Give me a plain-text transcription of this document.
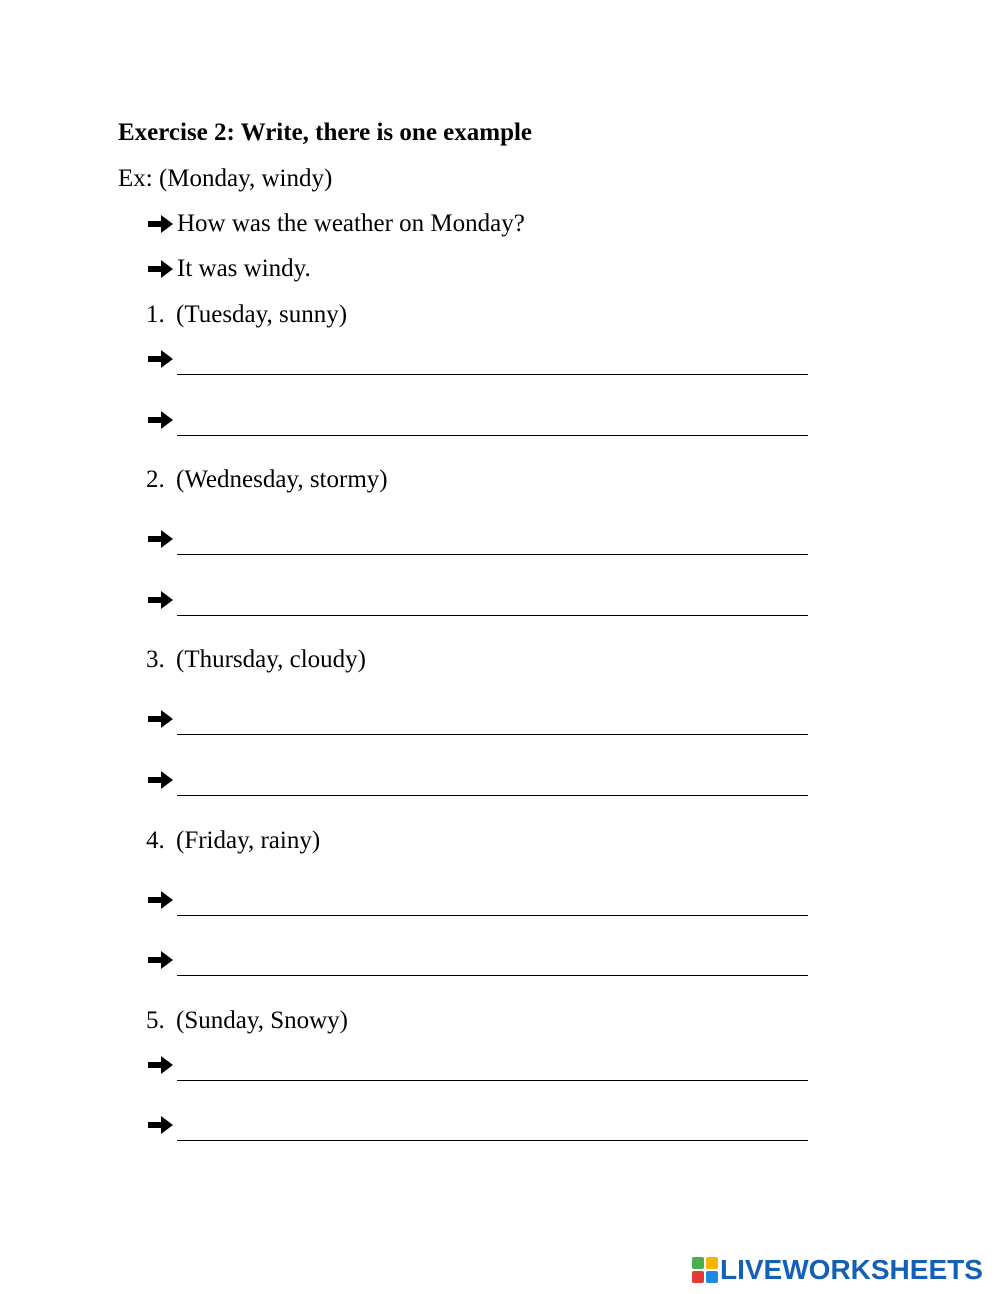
Exercise 2: Write, there is one example
Ex: (Monday, windy)
How was the weather on Monday?
It was windy.
1. (Tuesday, sunny)
2. (Wednesday, stormy)
3. (Thursday, cloudy)
4. (Friday, rainy)
5. (Sunday, Snowy)
LIVEWORKSHEETS
